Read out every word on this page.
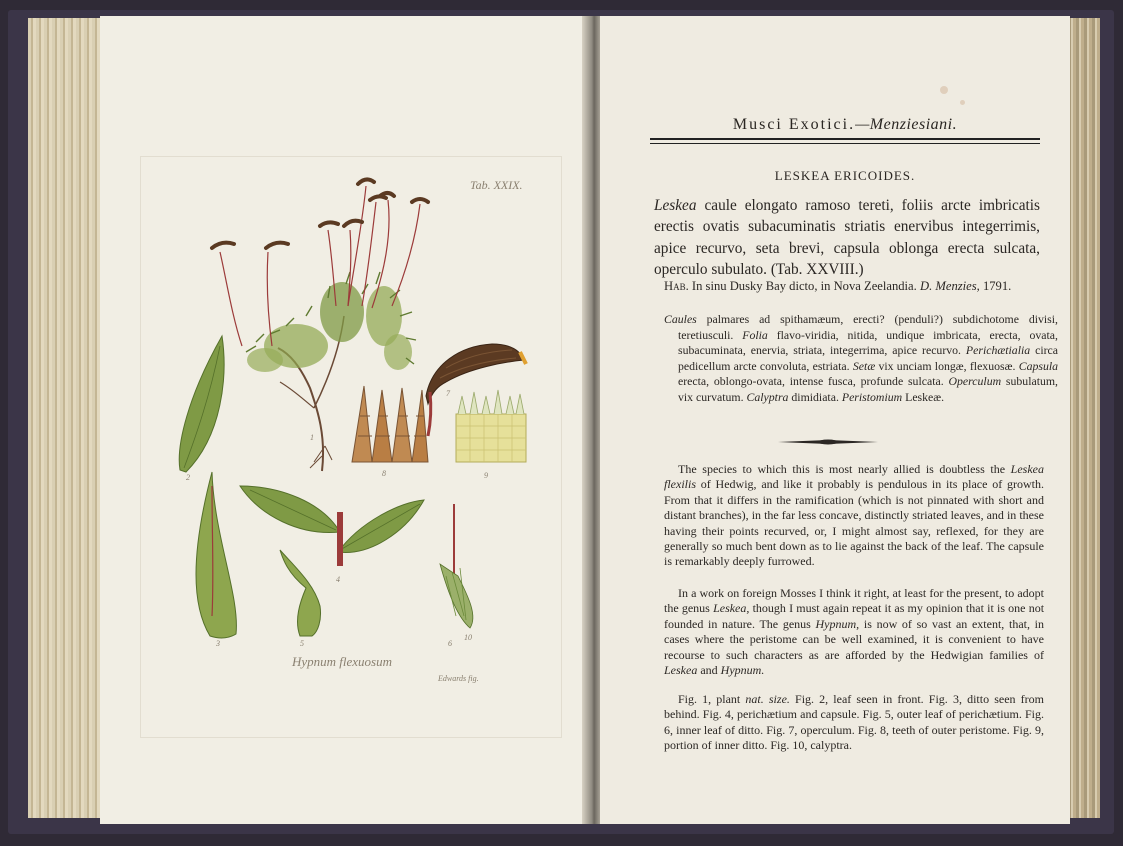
1
2
3
4
5	6
7
8	9
10
Tab. XXIX.
Hypnum flexuosum
Edwards fig.
Musci Exotici.—Menziesiani.
LESKEA ERICOIDES.
Leskea caule elongato ramoso tereti, foliis arcte imbricatis erectis ovatis subacuminatis striatis enervibus integerrimis, apice recurvo, seta brevi, capsula oblonga erecta sulcata, operculo subulato. (Tab. XXVIII.)
Hab. In sinu Dusky Bay dicto, in Nova Zeelandia. D. Menzies, 1791.
Caules palmares ad spithamæum, erecti? (penduli?) subdichotome divisi, teretiusculi. Folia flavo-viridia, nitida, undique imbricata, erecta, ovata, subacuminata, enervia, striata, integerrima, apice recurvo. Perichætialia circa pedicellum arcte convoluta, estriata. Setæ vix unciam longæ, flexuosæ. Capsula erecta, oblongo-ovata, intense fusca, profunde sulcata. Operculum subulatum, vix curvatum. Calyptra dimidiata. Peristomium Leskeæ.
The species to which this is most nearly allied is doubtless the Leskea flexilis of Hedwig, and like it probably is pendulous in its place of growth. From that it differs in the ramification (which is not pinnated with short and distant branches), in the far less concave, distinctly striated leaves, and in these having their points recurved, or, I might almost say, reflexed, for they are generally so much bent down as to lie against the back of the leaf. The capsule is remarkably deeply furrowed.
In a work on foreign Mosses I think it right, at least for the present, to adopt the genus Leskea, though I must again repeat it as my opinion that it is one not founded in nature. The genus Hypnum, is now of so vast an extent, that, in cases where the peristome can be well examined, it is convenient to have recourse to such characters as are afforded by the Hedwigian families of Leskea and Hypnum.
Fig. 1, plant nat. size. Fig. 2, leaf seen in front. Fig. 3, ditto seen from behind. Fig. 4, perichætium and capsule. Fig. 5, outer leaf of perichætium. Fig. 6, inner leaf of ditto. Fig. 7, operculum. Fig. 8, teeth of outer peristome. Fig. 9, portion of inner ditto. Fig. 10, calyptra.
